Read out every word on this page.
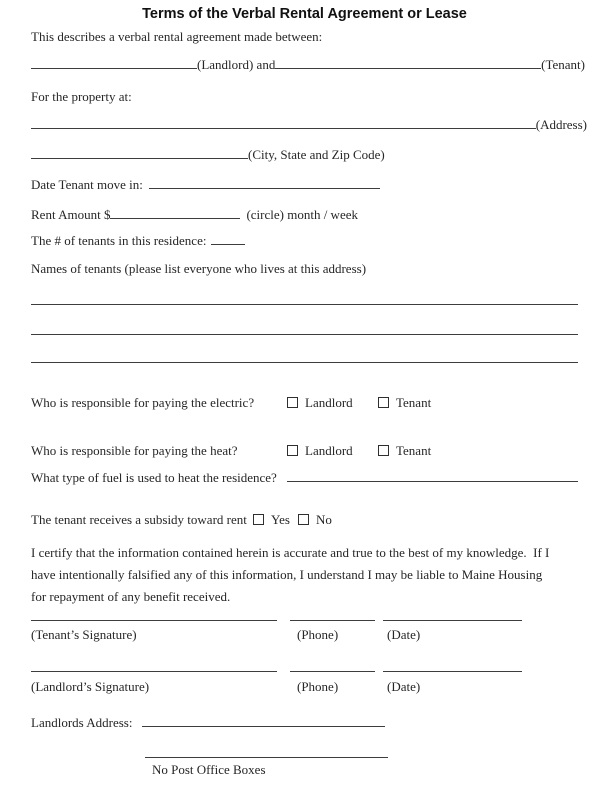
Terms of the Verbal Rental Agreement or Lease
This describes a verbal rental agreement made between:
(Landlord) and	(Tenant)
For the property at:
(Address)
(City, State and Zip Code)
Date Tenant move in:
Rent Amount $	(circle) month / week
The # of tenants in this residence:
Names of tenants (please list everyone who lives at this address)
Who is responsible for paying the electric?	Landlord	Tenant
Who is responsible for paying the heat?	Landlord	Tenant
What type of fuel is used to heat the residence?
The tenant receives a subsidy toward rent	Yes	No
I certify that the information contained herein is accurate and true to the best of my knowledge.  If I
have intentionally falsified any of this information, I understand I may be liable to Maine Housing
for repayment of any benefit received.
(Tenant’s Signature)	(Phone)	(Date)
(Landlord’s Signature)	(Phone)	(Date)
Landlords Address:
No Post Office Boxes
